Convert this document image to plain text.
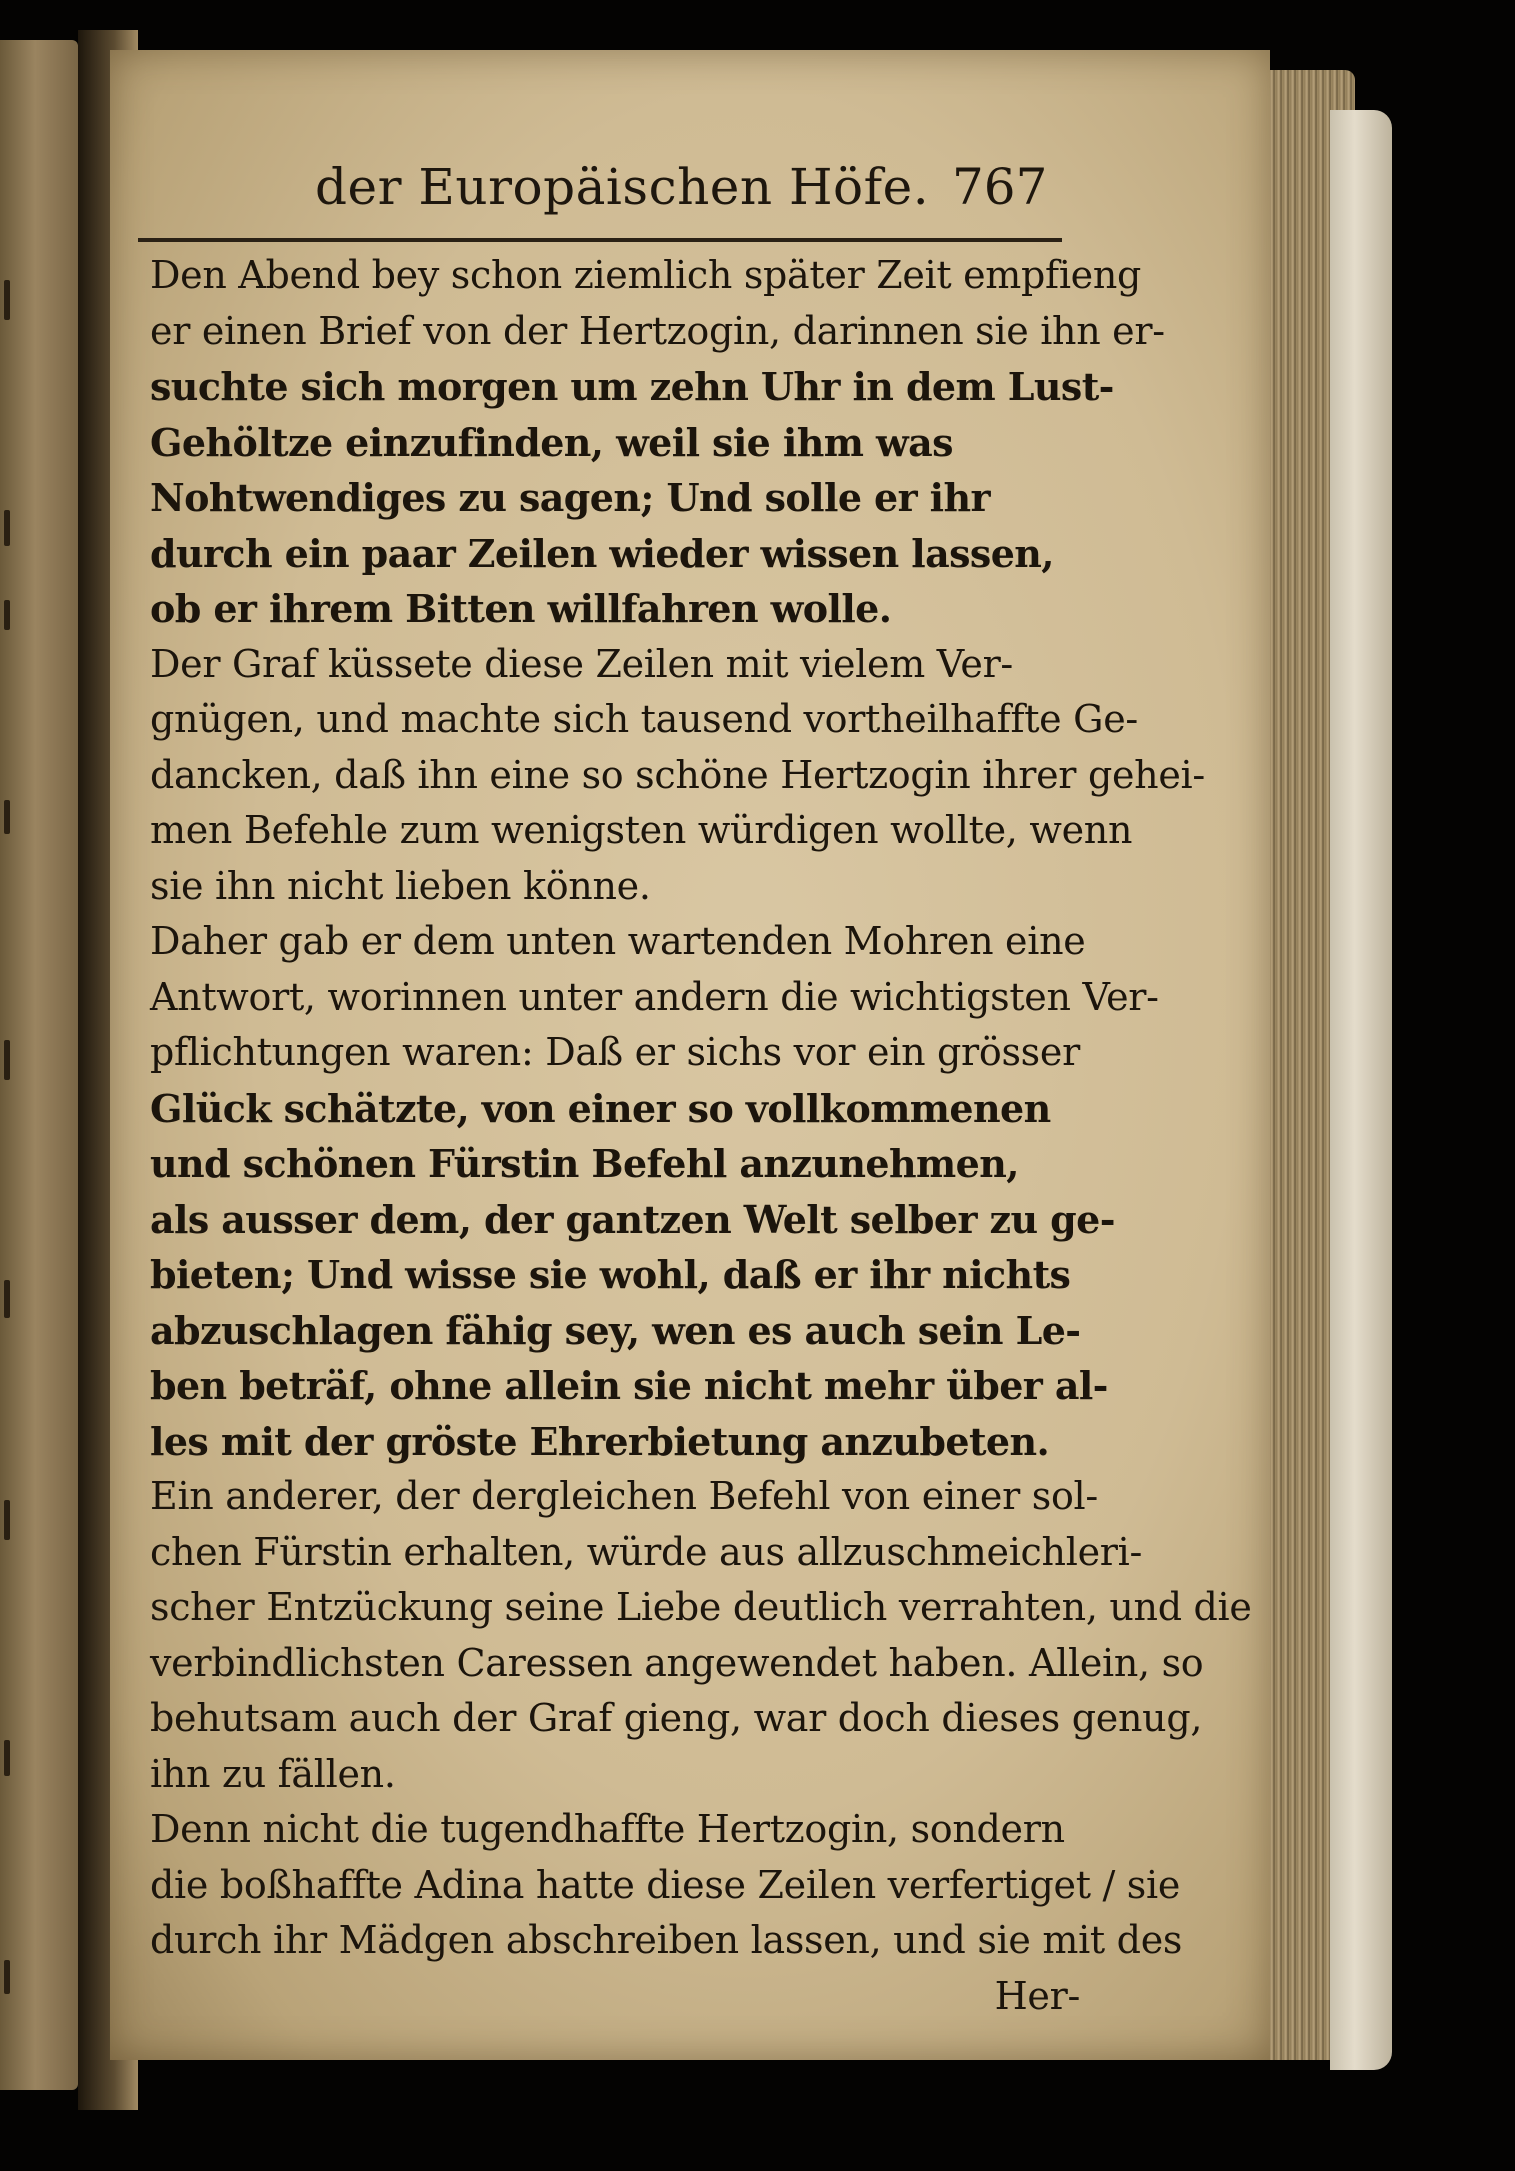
der Europäischen Höfe. 767
Den Abend bey schon ziemlich später Zeit empfieng
er einen Brief von der Hertzogin, darinnen sie ihn er-
suchte sich morgen um zehn Uhr in dem Lust-
Gehöltze einzufinden, weil sie ihm was
Nohtwendiges zu sagen; Und solle er ihr
durch ein paar Zeilen wieder wissen lassen,
ob er ihrem Bitten willfahren wolle.
Der Graf küssete diese Zeilen mit vielem Ver-
gnügen, und machte sich tausend vortheilhaffte Ge-
dancken, daß ihn eine so schöne Hertzogin ihrer gehei-
men Befehle zum wenigsten würdigen wollte, wenn
sie ihn nicht lieben könne.
Daher gab er dem unten wartenden Mohren eine
Antwort, worinnen unter andern die wichtigsten Ver-
pflichtungen waren: Daß er sichs vor ein grösser
Glück schätzte, von einer so vollkommenen
und schönen Fürstin Befehl anzunehmen,
als ausser dem, der gantzen Welt selber zu ge-
bieten; Und wisse sie wohl, daß er ihr nichts
abzuschlagen fähig sey, wen es auch sein Le-
ben beträf, ohne allein sie nicht mehr über al-
les mit der gröste Ehrerbietung anzubeten.
Ein anderer, der dergleichen Befehl von einer sol-
chen Fürstin erhalten, würde aus allzuschmeichleri-
scher Entzückung seine Liebe deutlich verrahten, und die
verbindlichsten Caressen angewendet haben. Allein, so
behutsam auch der Graf gieng, war doch dieses genug,
ihn zu fällen.
Denn nicht die tugendhaffte Hertzogin, sondern
die boßhaffte Adina hatte diese Zeilen verfertiget / sie
durch ihr Mädgen abschreiben lassen, und sie mit des
Her-
